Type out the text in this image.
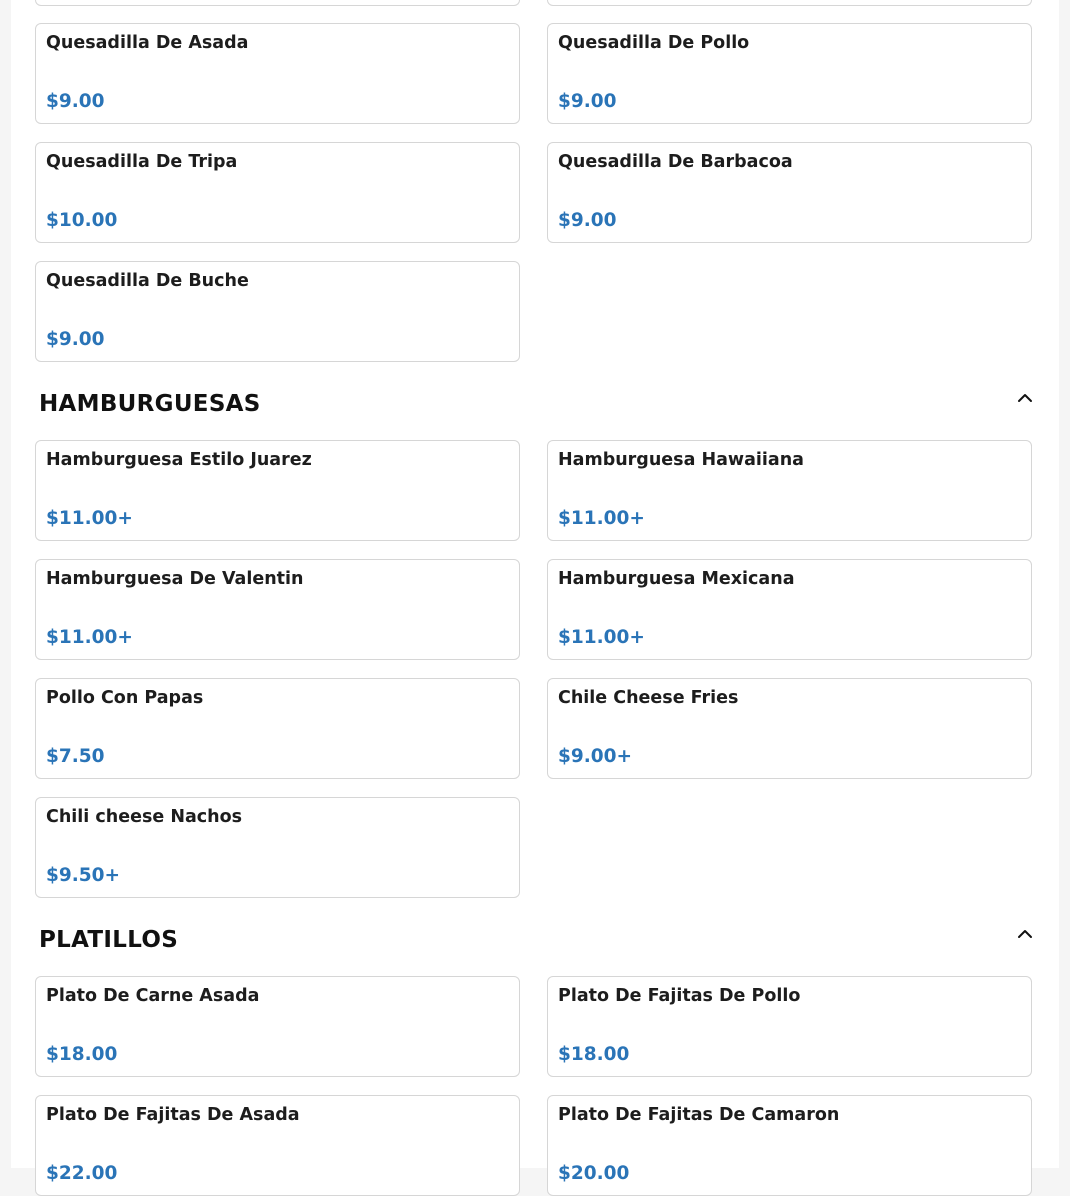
Quesadilla De Asada
$9.00
Quesadilla De Pollo
$9.00
Quesadilla De Tripa
$10.00
Quesadilla De Barbacoa
$9.00
Quesadilla De Buche
$9.00
HAMBURGUESAS
Hamburguesa Estilo Juarez
$11.00+
Hamburguesa Hawaiiana
$11.00+
Hamburguesa De Valentin
$11.00+
Hamburguesa Mexicana
$11.00+
Pollo Con Papas
$7.50
Chile Cheese Fries
$9.00+
Chili cheese Nachos
$9.50+
PLATILLOS
Plato De Carne Asada
$18.00
Plato De Fajitas De Pollo
$18.00
Plato De Fajitas De Asada
$22.00
Plato De Fajitas De Camaron
$20.00
